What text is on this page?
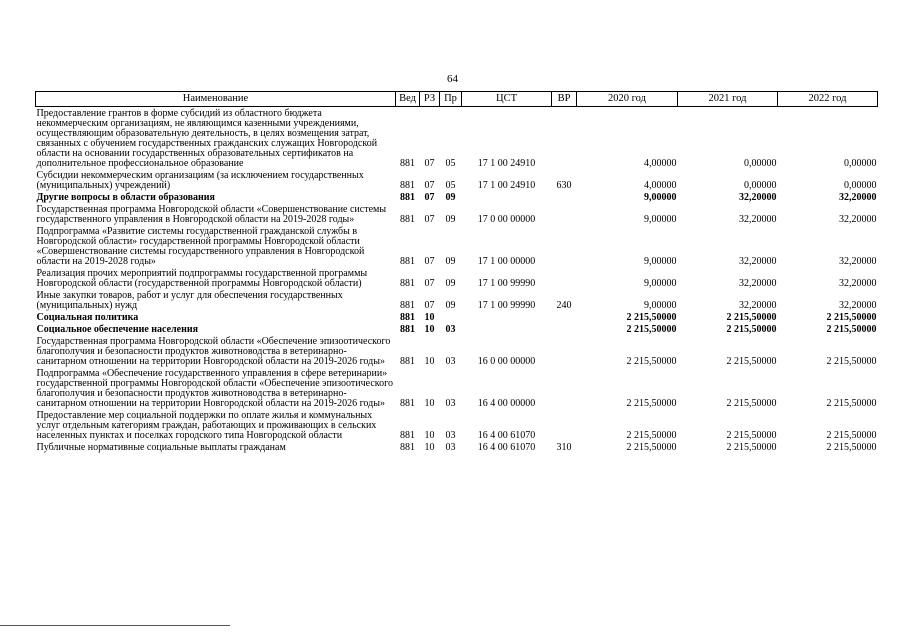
64
Наименование	Вед	РЗ	Пр	ЦСТ	ВР	2020 год	2021 год	2022 год
Предоставление грантов в форме субсидий из областного бюджета некоммерческим организациям, не являющимся казенными учреждениями, осуществляющим образовательную деятельность, в целях возмещения затрат, связанных с обучением государственных гражданских служащих Новгородской области на основании государственных образовательных сертификатов на дополнительное профессиональное образование	881	07	05	17 1 00 24910		4,00000	0,00000	0,00000
Субсидии некоммерческим организациям (за исключением государственных (муниципальных) учреждений)	881	07	05	17 1 00 24910	630	4,00000	0,00000	0,00000
Другие вопросы в области образования	881	07	09			9,00000	32,20000	32,20000
Государственная программа Новгородской области «Совершенствование системы государственного управления в Новгородской области на 2019-2028 годы»	881	07	09	17 0 00 00000		9,00000	32,20000	32,20000
Подпрограмма «Развитие системы государственной гражданской службы в Новгородской области» государственной программы Новгородской области «Совершенствование системы государственного управления в Новгородской области на 2019-2028 годы»	881	07	09	17 1 00 00000		9,00000	32,20000	32,20000
Реализация прочих мероприятий подпрограммы государственной программы Новгородской области (государственной программы Новгородской области)	881	07	09	17 1 00 99990		9,00000	32,20000	32,20000
Иные закупки товаров, работ и услуг для обеспечения государственных (муниципальных) нужд	881	07	09	17 1 00 99990	240	9,00000	32,20000	32,20000
Социальная политика	881	10				2 215,50000	2 215,50000	2 215,50000
Социальное обеспечение населения	881	10	03			2 215,50000	2 215,50000	2 215,50000
Государственная программа Новгородской области «Обеспечение эпизоотического благополучия и безопасности продуктов животноводства в ветеринарно-санитарном отношении на территории Новгородской области на 2019-2026 годы»	881	10	03	16 0 00 00000		2 215,50000	2 215,50000	2 215,50000
Подпрограмма «Обеспечение государственного управления в сфере ветеринарии» государственной программы Новгородской области «Обеспечение эпизоотического благополучия и безопасности продуктов животноводства в ветеринарно-санитарном отношении на территории Новгородской области на 2019-2026 годы»	881	10	03	16 4 00 00000		2 215,50000	2 215,50000	2 215,50000
Предоставление мер социальной поддержки по оплате жилья и коммунальных услуг отдельным категориям граждан, работающих и проживающих в сельских населенных пунктах и поселках городского типа Новгородской области	881	10	03	16 4 00 61070		2 215,50000	2 215,50000	2 215,50000
Публичные нормативные социальные выплаты гражданам	881	10	03	16 4 00 61070	310	2 215,50000	2 215,50000	2 215,50000
